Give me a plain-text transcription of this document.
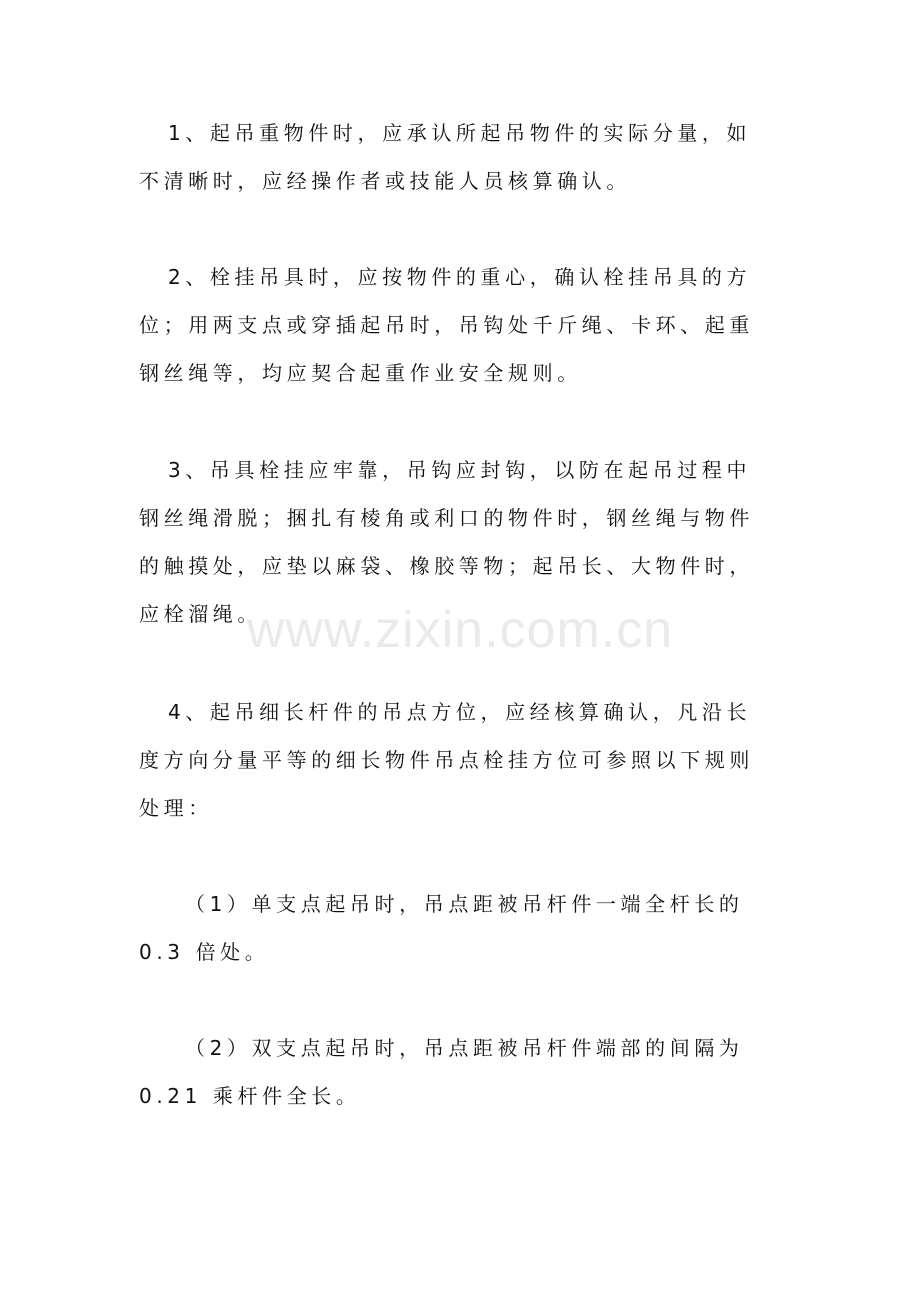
1、起吊重物件时，应承认所起吊物件的实际分量，如
不清晰时，应经操作者或技能人员核算确认。
2、栓挂吊具时，应按物件的重心，确认栓挂吊具的方
位；用两支点或穿插起吊时，吊钩处千斤绳、卡环、起重
钢丝绳等，均应契合起重作业安全规则。
3、吊具栓挂应牢靠，吊钩应封钩，以防在起吊过程中
钢丝绳滑脱；捆扎有棱角或利口的物件时，钢丝绳与物件
的触摸处，应垫以麻袋、橡胶等物；起吊长、大物件时，
应栓溜绳。
4、起吊细长杆件的吊点方位，应经核算确认，凡沿长
度方向分量平等的细长物件吊点栓挂方位可参照以下规则
处理：
（1）单支点起吊时，吊点距被吊杆件一端全杆长的
0.3 倍处。
（2）双支点起吊时，吊点距被吊杆件端部的间隔为
0.21 乘杆件全长。
www.zixin.com.cn
